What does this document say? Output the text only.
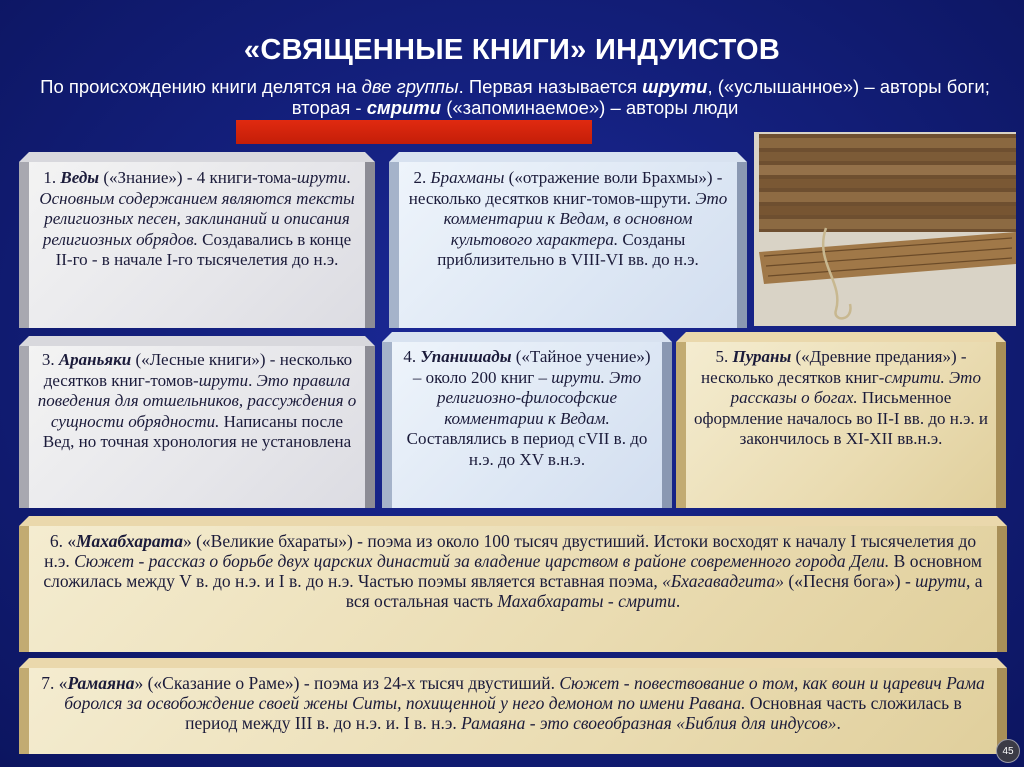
«СВЯЩЕННЫЕ КНИГИ» ИНДУИСТОВ
По происхождению книги делятся на две группы. Первая называется шрути, («услышанное») – авторы боги; вторая - смрити («запоминаемое») – авторы люди
1. Веды («Знание») - 4 книги-тома-шрути. Основным содержанием являются тексты религиозных песен, заклинаний и описания религиозных обрядов. Создавались в конце II-го - в начале I-го тысячелетия до н.э.
2. Брахманы («отражение воли Брахмы») - несколько десятков книг-томов-шрути. Это комментарии к Ведам, в основном культового характера. Созданы приблизительно в VIII-VI вв. до н.э.
3. Араньяки («Лесные книги») - несколько десятков книг-томов-шрути. Это правила поведения для отшельников, рассуждения о сущности обрядности. Написаны после Вед, но точная хронология не установлена
4. Упанишады («Тайное учение») – около 200 книг – шрути. Это религиозно-философские комментарии к Ведам. Составлялись в период сVII в. до н.э. до XV в.н.э.
5. Пураны («Древние предания») - несколько десятков книг-смрити. Это рассказы о богах. Письменное оформление началось во II-I вв. до н.э. и закончилось в XI-XII вв.н.э.
6. «Махабхарата» («Великие бхараты») - поэма из около 100 тысяч двустиший. Истоки восходят к началу I тысячелетия до н.э. Сюжет - рассказ о борьбе двух царских династий за владение царством в районе современного города Дели. В основном сложилась между V в. до н.э. и I в. до н.э. Частью поэмы является вставная поэма, «Бхагавадгита» («Песня бога») - шрути, а вся остальная часть Махабхараты - смрити.
7. «Рамаяна» («Сказание о Раме») - поэма из 24-х тысяч двустиший. Сюжет - повествование о том, как воин и царевич Рама боролся за освобождение своей жены Ситы, похищенной у него демоном по имени Равана. Основная часть сложилась в период между III в. до н.э. и. I в. н.э. Рамаяна - это своеобразная «Библия для индусов».
45
